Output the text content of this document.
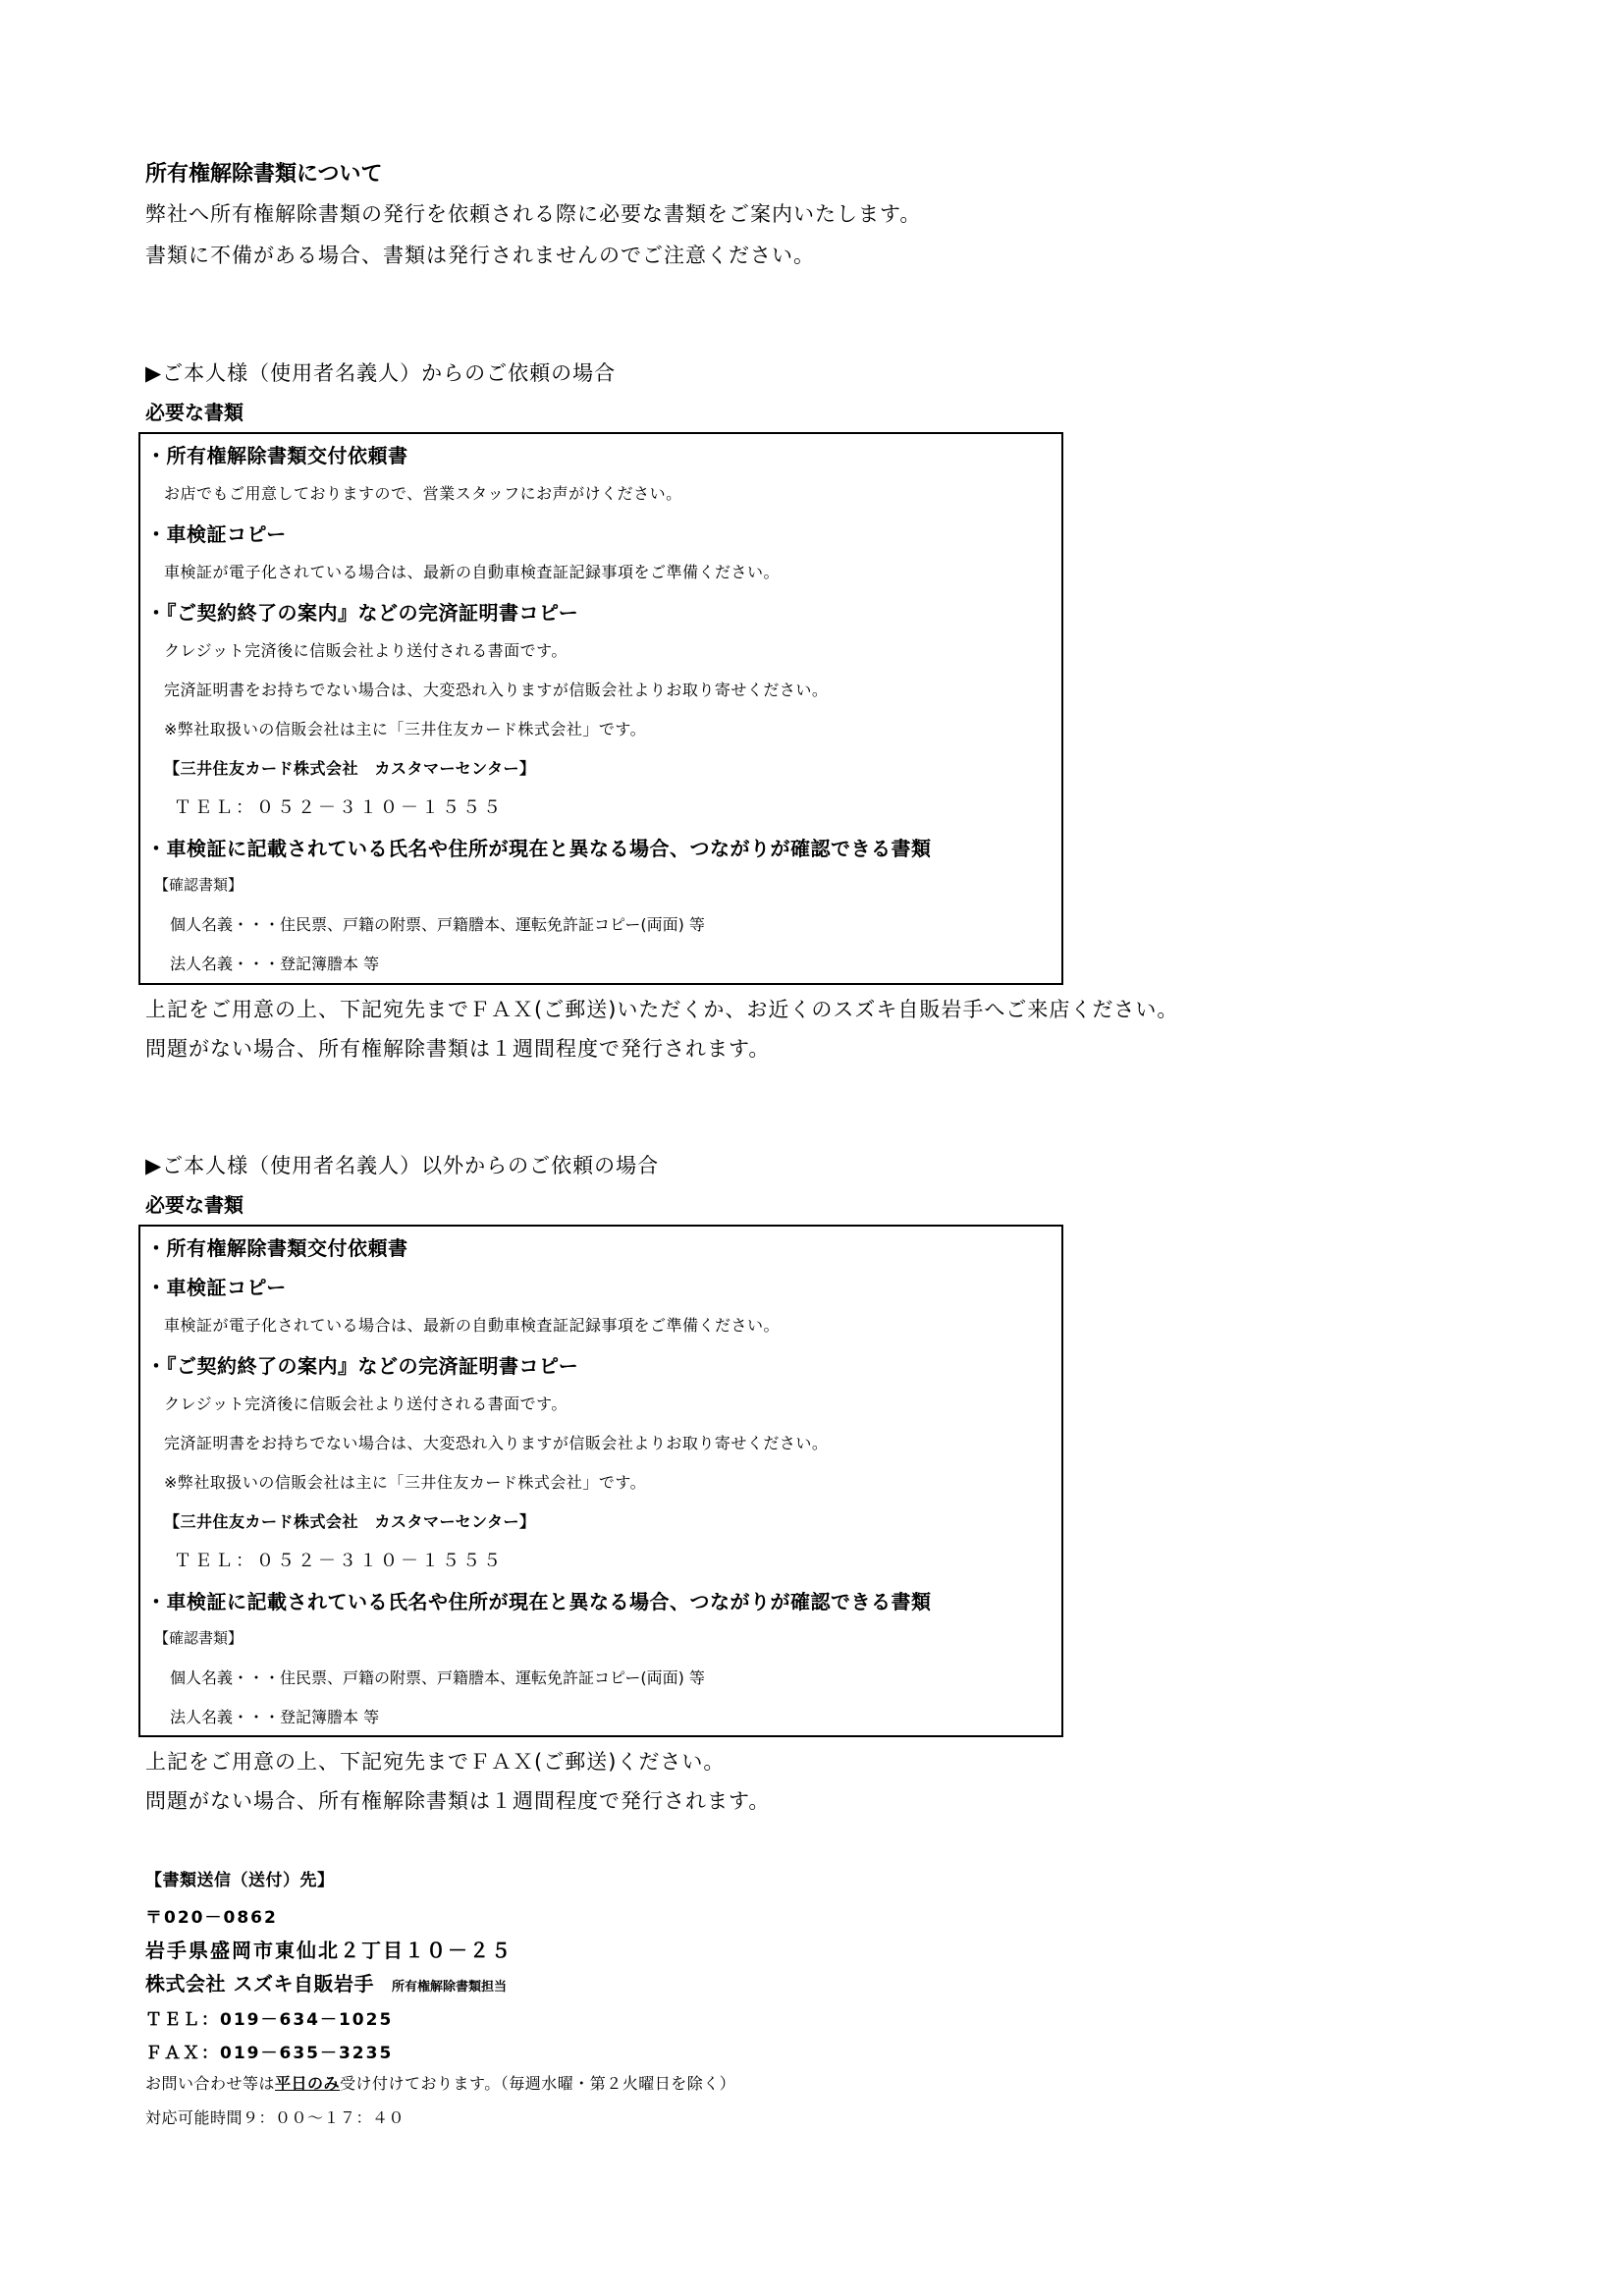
所有権解除書類について
弊社へ所有権解除書類の発行を依頼される際に必要な書類をご案内いたします。
書類に不備がある場合、書類は発行されませんのでご注意ください。
▶ご本人様（使用者名義人）からのご依頼の場合
必要な書類
・所有権解除書類交付依頼書
お店でもご用意しておりますので、営業スタッフにお声がけください。
・車検証コピー
車検証が電子化されている場合は、最新の自動車検査証記録事項をご準備ください。
・『ご契約終了の案内』などの完済証明書コピー
クレジット完済後に信販会社より送付される書面です。
完済証明書をお持ちでない場合は、大変恐れ入りますが信販会社よりお取り寄せください。
※弊社取扱いの信販会社は主に「三井住友カード株式会社」です。
【三井住友カード株式会社　カスタマーセンター】
ＴＥＬ：０５２－３１０－１５５５
・車検証に記載されている氏名や住所が現在と異なる場合、つながりが確認できる書類
【確認書類】
個人名義・・・住民票、戸籍の附票、戸籍謄本、運転免許証コピー(両面) 等
法人名義・・・登記簿謄本 等
上記をご用意の上、下記宛先までＦＡＸ(ご郵送)いただくか、お近くのスズキ自販岩手へご来店ください。
問題がない場合、所有権解除書類は１週間程度で発行されます。
▶ご本人様（使用者名義人）以外からのご依頼の場合
必要な書類
・所有権解除書類交付依頼書
・車検証コピー
車検証が電子化されている場合は、最新の自動車検査証記録事項をご準備ください。
・『ご契約終了の案内』などの完済証明書コピー
クレジット完済後に信販会社より送付される書面です。
完済証明書をお持ちでない場合は、大変恐れ入りますが信販会社よりお取り寄せください。
※弊社取扱いの信販会社は主に「三井住友カード株式会社」です。
【三井住友カード株式会社　カスタマーセンター】
ＴＥＬ：０５２－３１０－１５５５
・車検証に記載されている氏名や住所が現在と異なる場合、つながりが確認できる書類
【確認書類】
個人名義・・・住民票、戸籍の附票、戸籍謄本、運転免許証コピー(両面) 等
法人名義・・・登記簿謄本 等
上記をご用意の上、下記宛先までＦＡＸ(ご郵送)ください。
問題がない場合、所有権解除書類は１週間程度で発行されます。
【書類送信（送付）先】
〒020－0862
岩手県盛岡市東仙北２丁目１０－２５
株式会社 スズキ自販岩手 所有権解除書類担当
ＴＥＬ：019－634－1025
ＦＡＸ：019－635－3235
お問い合わせ等は平日のみ受け付けております。（毎週水曜・第２火曜日を除く）
対応可能時間９：００～１７：４０
